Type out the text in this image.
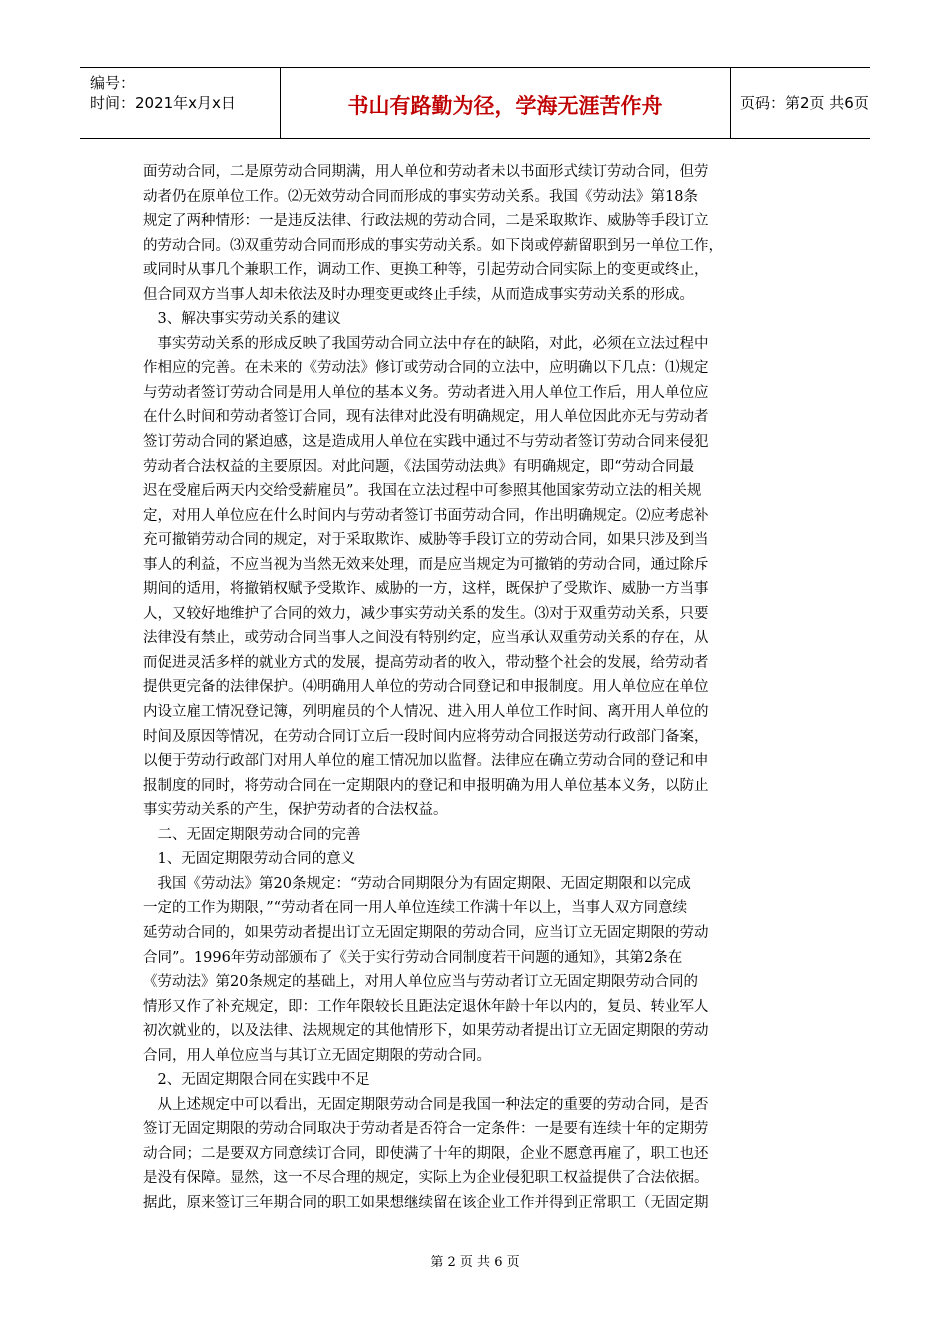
编号：
时间：2021年x月x日	书山有路勤为径，学海无涯苦作舟	页码：第2页 共6页
面劳动合同，二是原劳动合同期满，用人单位和劳动者未以书面形式续订劳动合同，但劳
动者仍在原单位工作。⑵无效劳动合同而形成的事实劳动关系。我国《劳动法》第18条
规定了两种情形：一是违反法律、行政法规的劳动合同，二是采取欺诈、威胁等手段订立
的劳动合同。⑶双重劳动合同而形成的事实劳动关系。如下岗或停薪留职到另一单位工作，
或同时从事几个兼职工作，调动工作、更换工种等，引起劳动合同实际上的变更或终止，
但合同双方当事人却未依法及时办理变更或终止手续，从而造成事实劳动关系的形成。
　3、解决事实劳动关系的建议
　事实劳动关系的形成反映了我国劳动合同立法中存在的缺陷，对此，必须在立法过程中
作相应的完善。在未来的《劳动法》修订或劳动合同的立法中，应明确以下几点：⑴规定
与劳动者签订劳动合同是用人单位的基本义务。劳动者进入用人单位工作后，用人单位应
在什么时间和劳动者签订合同，现有法律对此没有明确规定，用人单位因此亦无与劳动者
签订劳动合同的紧迫感，这是造成用人单位在实践中通过不与劳动者签订劳动合同来侵犯
劳动者合法权益的主要原因。对此问题，《法国劳动法典》有明确规定，即“劳动合同最
迟在受雇后两天内交给受薪雇员”。我国在立法过程中可参照其他国家劳动立法的相关规
定，对用人单位应在什么时间内与劳动者签订书面劳动合同，作出明确规定。⑵应考虑补
充可撤销劳动合同的规定，对于采取欺诈、威胁等手段订立的劳动合同，如果只涉及到当
事人的利益，不应当视为当然无效来处理，而是应当规定为可撤销的劳动合同，通过除斥
期间的适用，将撤销权赋予受欺诈、威胁的一方，这样，既保护了受欺诈、威胁一方当事
人，又较好地维护了合同的效力，减少事实劳动关系的发生。⑶对于双重劳动关系，只要
法律没有禁止，或劳动合同当事人之间没有特别约定，应当承认双重劳动关系的存在，从
而促进灵活多样的就业方式的发展，提高劳动者的收入，带动整个社会的发展，给劳动者
提供更完备的法律保护。⑷明确用人单位的劳动合同登记和申报制度。用人单位应在单位
内设立雇工情况登记簿，列明雇员的个人情况、进入用人单位工作时间、离开用人单位的
时间及原因等情况，在劳动合同订立后一段时间内应将劳动合同报送劳动行政部门备案，
以便于劳动行政部门对用人单位的雇工情况加以监督。法律应在确立劳动合同的登记和申
报制度的同时，将劳动合同在一定期限内的登记和申报明确为用人单位基本义务，以防止
事实劳动关系的产生，保护劳动者的合法权益。
　二、无固定期限劳动合同的完善
　1、无固定期限劳动合同的意义
　我国《劳动法》第20条规定：“劳动合同期限分为有固定期限、无固定期限和以完成
一定的工作为期限，”“劳动者在同一用人单位连续工作满十年以上，当事人双方同意续
延劳动合同的，如果劳动者提出订立无固定期限的劳动合同，应当订立无固定期限的劳动
合同”。1996年劳动部颁布了《关于实行劳动合同制度若干问题的通知》，其第2条在
《劳动法》第20条规定的基础上，对用人单位应当与劳动者订立无固定期限劳动合同的
情形又作了补充规定，即：工作年限较长且距法定退休年龄十年以内的，复员、转业军人
初次就业的，以及法律、法规规定的其他情形下，如果劳动者提出订立无固定期限的劳动
合同，用人单位应当与其订立无固定期限的劳动合同。
　2、无固定期限合同在实践中不足
　从上述规定中可以看出，无固定期限劳动合同是我国一种法定的重要的劳动合同，是否
签订无固定期限的劳动合同取决于劳动者是否符合一定条件：一是要有连续十年的定期劳
动合同；二是要双方同意续订合同，即使满了十年的期限，企业不愿意再雇了，职工也还
是没有保障。显然，这一不尽合理的规定，实际上为企业侵犯职工权益提供了合法依据。
据此，原来签订三年期合同的职工如果想继续留在该企业工作并得到正常职工（无固定期
第 2 页 共 6 页
